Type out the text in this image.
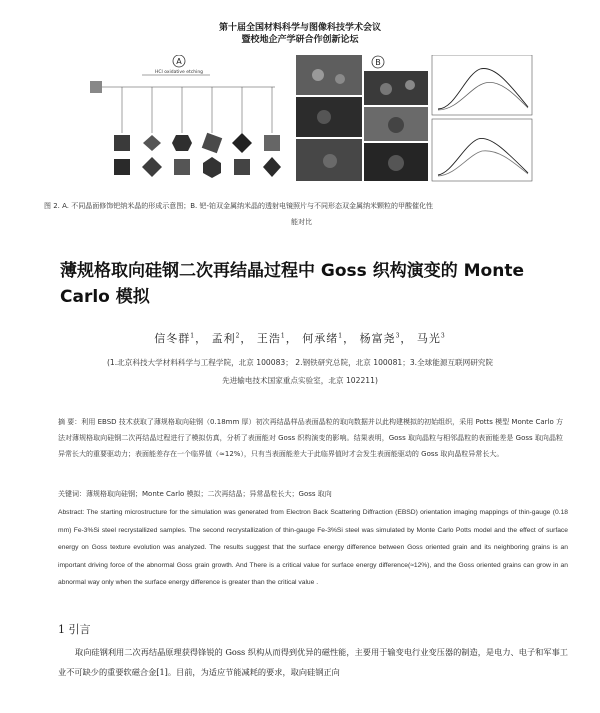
第十届全国材料科学与图像科技学术会议
暨校地企产学研合作创新论坛
A
HCl oxidative etching
B
图 2. A. 不同晶面修饰钯纳米晶的形成示意图；B. 钯-铂双金属纳米晶的透射电镜照片与不同形态双金属纳米颗粒的甲酸催化性
能对比
薄规格取向硅钢二次再结晶过程中 Goss 织构演变的 Monte
Carlo 模拟
信冬群$^1$， 孟利$^2$， 王浩$^1$， 何承绪$^1$， 杨富尧$^3$， 马光$^3$
(1.北京科技大学材料科学与工程学院，北京 100083； 2.钢铁研究总院，北京 100081；3.全球能源互联网研究院
先进输电技术国家重点实验室，北京 102211)
摘 要：利用 EBSD 技术获取了薄规格取向硅钢（0.18mm 厚）初次再结晶样品表面晶粒的取向数据并以此构建模拟的初始组织，采用 Potts 模型 Monte Carlo 方法对薄规格取向硅钢二次再结晶过程进行了模拟仿真，分析了表面能对 Goss 织构演变的影响。结果表明，Goss 取向晶粒与相邻晶粒的表面能差是 Goss 取向晶粒异常长大的重要驱动力；表面能差存在一个临界值（≈12%），只有当表面能差大于此临界值时才会发生表面能驱动的 Goss 取向晶粒异常长大。
关键词：薄规格取向硅钢；Monte Carlo 模拟；二次再结晶；异常晶粒长大；Goss 取向
Abstract: The starting microstructure for the simulation was generated from Electron Back Scattering Diffraction (EBSD) orientation imaging mappings of thin-gauge (0.18 mm) Fe-3%Si steel recrystallized samples. The second recrystallization of thin-gauge Fe-3%Si steel was simulated by Monte Carlo Potts model and the effect of surface energy on Goss texture evolution was analyzed. The results suggest that the surface energy difference between Goss oriented grain and its neighboring grains is an important driving force of the abnormal Goss grain growth. And There is a critical value for surface energy difference(≈12%), and the Goss oriented grains can grow in an abnormal way only when the surface energy difference is greater than the critical value .
1 引言

取向硅钢利用二次再结晶原理获得锋锐的 Goss 织构从而得到优异的磁性能，主要用于输变电行业变压器的制造，是电力、电子和军事工业不可缺少的重要软磁合金[1]。目前，为适应节能减耗的要求，取向硅钢正向
